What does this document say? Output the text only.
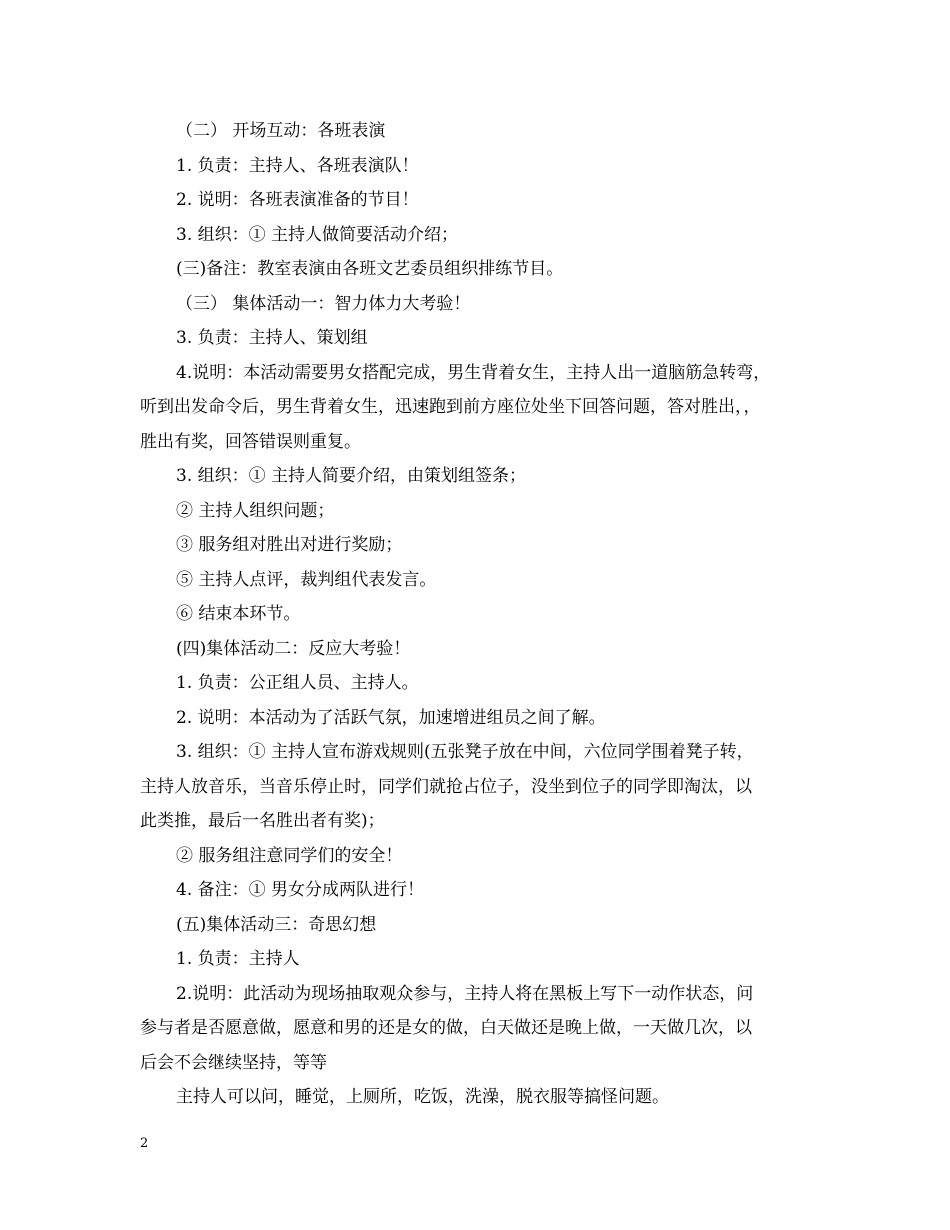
（二） 开场互动：各班表演
1. 负责：主持人、各班表演队！
2. 说明：各班表演准备的节目！
3. 组织：① 主持人做简要活动介绍；
(三)备注：教室表演由各班文艺委员组织排练节目。
（三） 集体活动一：智力体力大考验！
3. 负责：主持人、策划组
4.说明：本活动需要男女搭配完成，男生背着女生，主持人出一道脑筋急转弯，
听到出发命令后，男生背着女生，迅速跑到前方座位处坐下回答问题，答对胜出，，
胜出有奖，回答错误则重复。
3. 组织：① 主持人简要介绍，由策划组签条；
② 主持人组织问题；
③ 服务组对胜出对进行奖励；
⑤ 主持人点评，裁判组代表发言。
⑥ 结束本环节。
(四)集体活动二：反应大考验！
1. 负责：公正组人员、主持人。
2. 说明：本活动为了活跃气氛，加速增进组员之间了解。
3. 组织：① 主持人宣布游戏规则(五张凳子放在中间，六位同学围着凳子转，
主持人放音乐，当音乐停止时，同学们就抢占位子，没坐到位子的同学即淘汰，以
此类推，最后一名胜出者有奖)；
② 服务组注意同学们的安全！
4. 备注：① 男女分成两队进行！
(五)集体活动三：奇思幻想
1. 负责：主持人
2.说明：此活动为现场抽取观众参与，主持人将在黑板上写下一动作状态，问
参与者是否愿意做，愿意和男的还是女的做，白天做还是晚上做，一天做几次，以
后会不会继续坚持，等等
主持人可以问，睡觉，上厕所，吃饭，洗澡，脱衣服等搞怪问题。
2
